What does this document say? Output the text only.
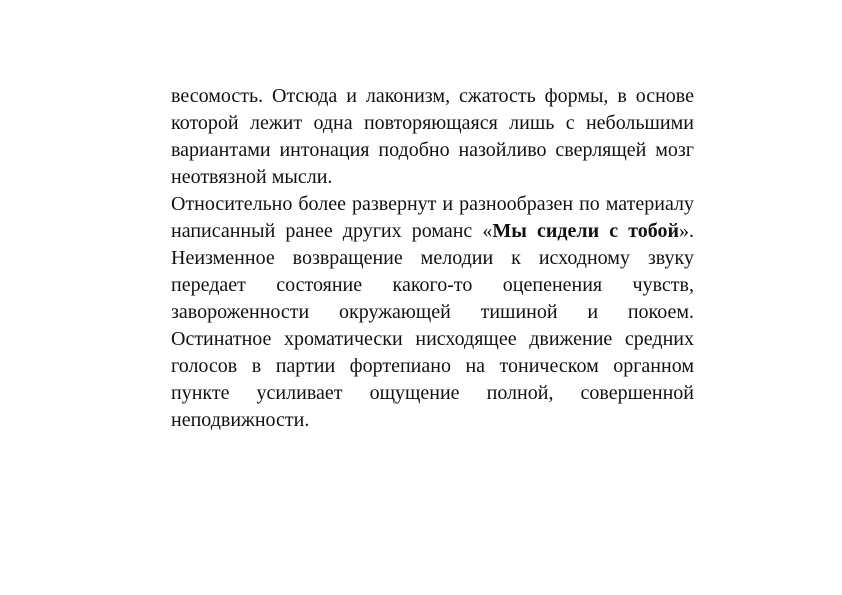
весомость. Отсюда и лаконизм, сжатость формы, в основе которой лежит одна повторяющаяся лишь с небольшими вариантами интонация подобно назойливо сверлящей мозг неотвязной мысли.

Относительно более развернут и разнообразен по материалу написанный ранее других романс «Мы сидели с тобой». Неизменное возвращение мелодии к исходному звуку передает состояние какого-то оцепенения чувств, завороженности окружающей тишиной и покоем. Остинатное хроматически нисходящее движение средних голосов в партии фортепиано на тоническом органном пункте усиливает ощущение полной, совершенной неподвижности.
